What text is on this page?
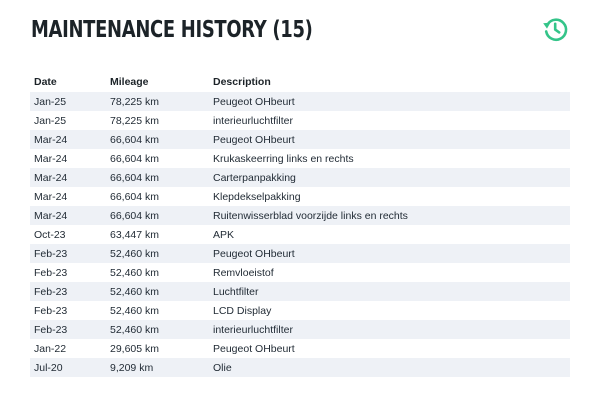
MAINTENANCE HISTORY (15)
Date	Mileage	Description
Jan-25	78,225 km	Peugeot OHbeurt
Jan-25	78,225 km	interieurluchtfilter
Mar-24	66,604 km	Peugeot OHbeurt
Mar-24	66,604 km	Krukaskeerring links en rechts
Mar-24	66,604 km	Carterpanpakking
Mar-24	66,604 km	Klepdekselpakking
Mar-24	66,604 km	Ruitenwisserblad voorzijde links en rechts
Oct-23	63,447 km	APK
Feb-23	52,460 km	Peugeot OHbeurt
Feb-23	52,460 km	Remvloeistof
Feb-23	52,460 km	Luchtfilter
Feb-23	52,460 km	LCD Display
Feb-23	52,460 km	interieurluchtfilter
Jan-22	29,605 km	Peugeot OHbeurt
Jul-20	9,209 km	Olie
